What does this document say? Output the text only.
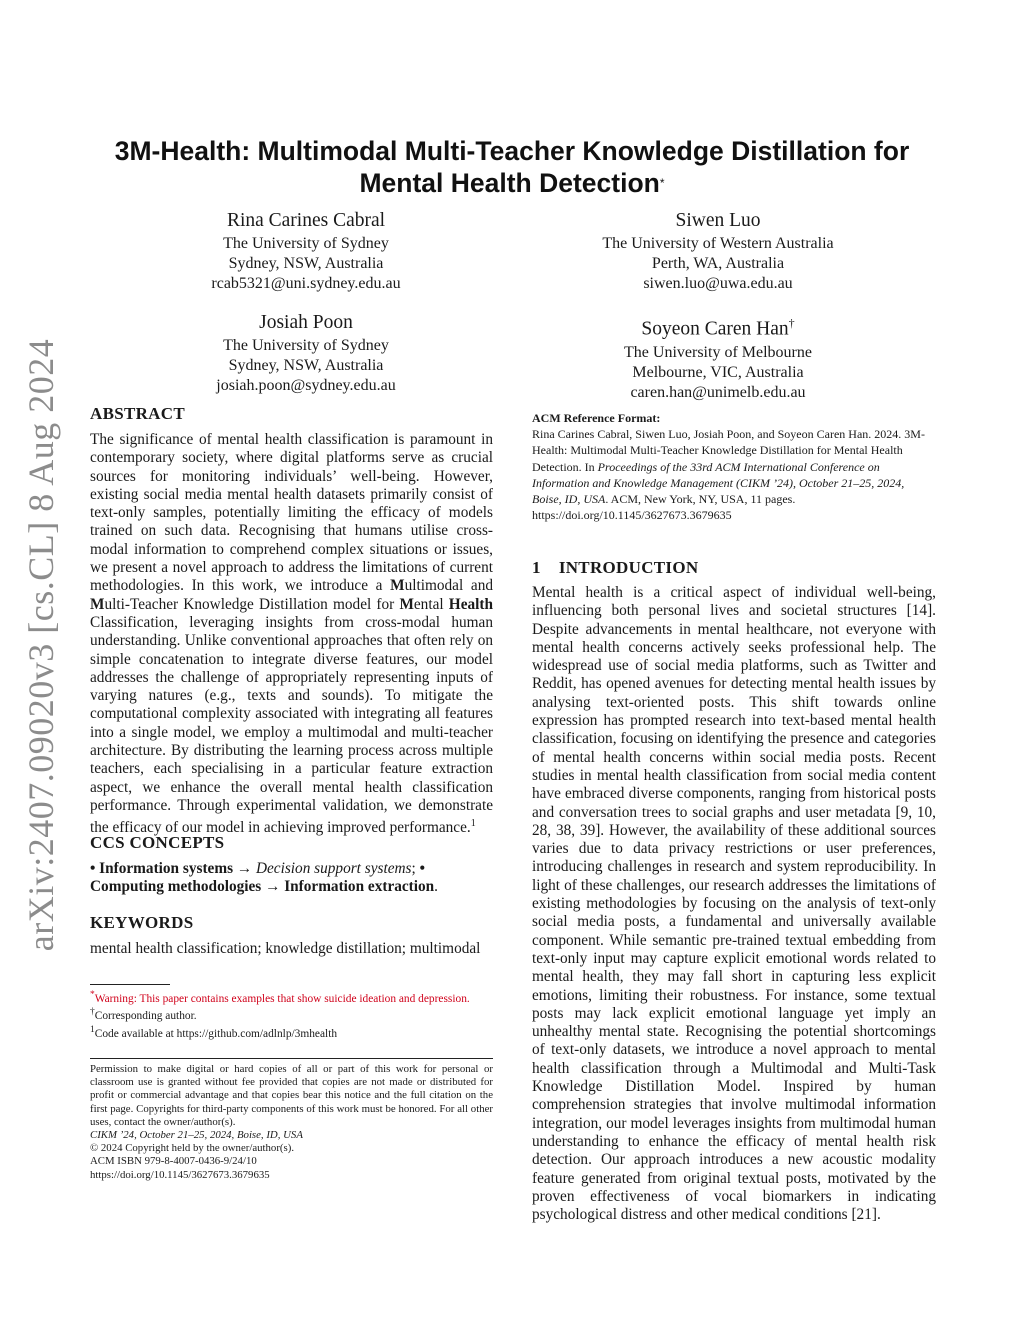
arXiv:2407.09020v3 [cs.CL] 8 Aug 2024
3M-Health: Multimodal Multi-Teacher Knowledge Distillation for
Mental Health Detection*
Rina Carines Cabral
The University of Sydney
Sydney, NSW, Australia
rcab5321@uni.sydney.edu.au
Siwen Luo
The University of Western Australia
Perth, WA, Australia
siwen.luo@uwa.edu.au
Josiah Poon
The University of Sydney
Sydney, NSW, Australia
josiah.poon@sydney.edu.au
Soyeon Caren Han†
The University of Melbourne
Melbourne, VIC, Australia
caren.han@unimelb.edu.au
ABSTRACT
The significance of mental health classification is paramount in contemporary society, where digital platforms serve as crucial sources for monitoring individuals’ well-being. However, existing social media mental health datasets primarily consist of text-only samples, potentially limiting the efficacy of models trained on such data. Recognising that humans utilise cross-modal information to comprehend complex situations or issues, we present a novel approach to address the limitations of current methodologies. In this work, we introduce a Multimodal and Multi-Teacher Knowledge Distillation model for Mental Health Classification, leveraging insights from cross-modal human understanding. Unlike conventional approaches that often rely on simple concatenation to integrate diverse features, our model addresses the challenge of appropriately representing inputs of varying natures (e.g., texts and sounds). To mitigate the computational complexity associated with integrating all features into a single model, we employ a multimodal and multi-teacher architecture. By distributing the learning process across multiple teachers, each specialising in a particular feature extraction aspect, we enhance the overall mental health classification performance. Through experimental validation, we demonstrate the efficacy of our model in achieving improved performance.$^1$
CCS CONCEPTS
• Information systems → Decision support systems; • Computing methodologies → Information extraction.
KEYWORDS
mental health classification; knowledge distillation; multimodal
*Warning: This paper contains examples that show suicide ideation and depression.
†Corresponding author.
$^1$Code available at https://github.com/adlnlp/3mhealth
Permission to make digital or hard copies of all or part of this work for personal or classroom use is granted without fee provided that copies are not made or distributed for profit or commercial advantage and that copies bear this notice and the full citation on the first page. Copyrights for third-party components of this work must be honored. For all other uses, contact the owner/author(s).
CIKM ’24, October 21–25, 2024, Boise, ID, USA
© 2024 Copyright held by the owner/author(s).
ACM ISBN 979-8-4007-0436-9/24/10
https://doi.org/10.1145/3627673.3679635
ACM Reference Format:
Rina Carines Cabral, Siwen Luo, Josiah Poon, and Soyeon Caren Han. 2024. 3M-Health: Multimodal Multi-Teacher Knowledge Distillation for Mental Health Detection. In Proceedings of the 33rd ACM International Conference on Information and Knowledge Management (CIKM ’24), October 21–25, 2024, Boise, ID, USA. ACM, New York, NY, USA, 11 pages. https://doi.org/10.1145/3627673.3679635
1 INTRODUCTION
Mental health is a critical aspect of individual well-being, influencing both personal lives and societal structures [14]. Despite advancements in mental healthcare, not everyone with mental health concerns actively seeks professional help. The widespread use of social media platforms, such as Twitter and Reddit, has opened avenues for detecting mental health issues by analysing text-oriented posts. This shift towards online expression has prompted research into text-based mental health classification, focusing on identifying the presence and categories of mental health concerns within social media posts. Recent studies in mental health classification from social media content have embraced diverse components, ranging from historical posts and conversation trees to social graphs and user metadata [9, 10, 28, 38, 39]. However, the availability of these additional sources varies due to data privacy restrictions or user preferences, introducing challenges in research and system reproducibility. In light of these challenges, our research addresses the limitations of existing methodologies by focusing on the analysis of text-only social media posts, a fundamental and universally available component. While semantic pre-trained textual embedding from text-only input may capture explicit emotional words related to mental health, they may fall short in capturing less explicit emotions, limiting their robustness. For instance, some textual posts may lack explicit emotional language yet imply an unhealthy mental state. Recognising the potential shortcomings of text-only datasets, we introduce a novel approach to mental health classification through a Multimodal and Multi-Task Knowledge Distillation Model. Inspired by human comprehension strategies that involve multimodal information integration, our model leverages insights from multimodal human understanding to enhance the efficacy of mental health risk detection. Our approach introduces a new acoustic modality feature generated from original textual posts, motivated by the proven effectiveness of vocal biomarkers in indicating psychological distress and other medical conditions [21].
